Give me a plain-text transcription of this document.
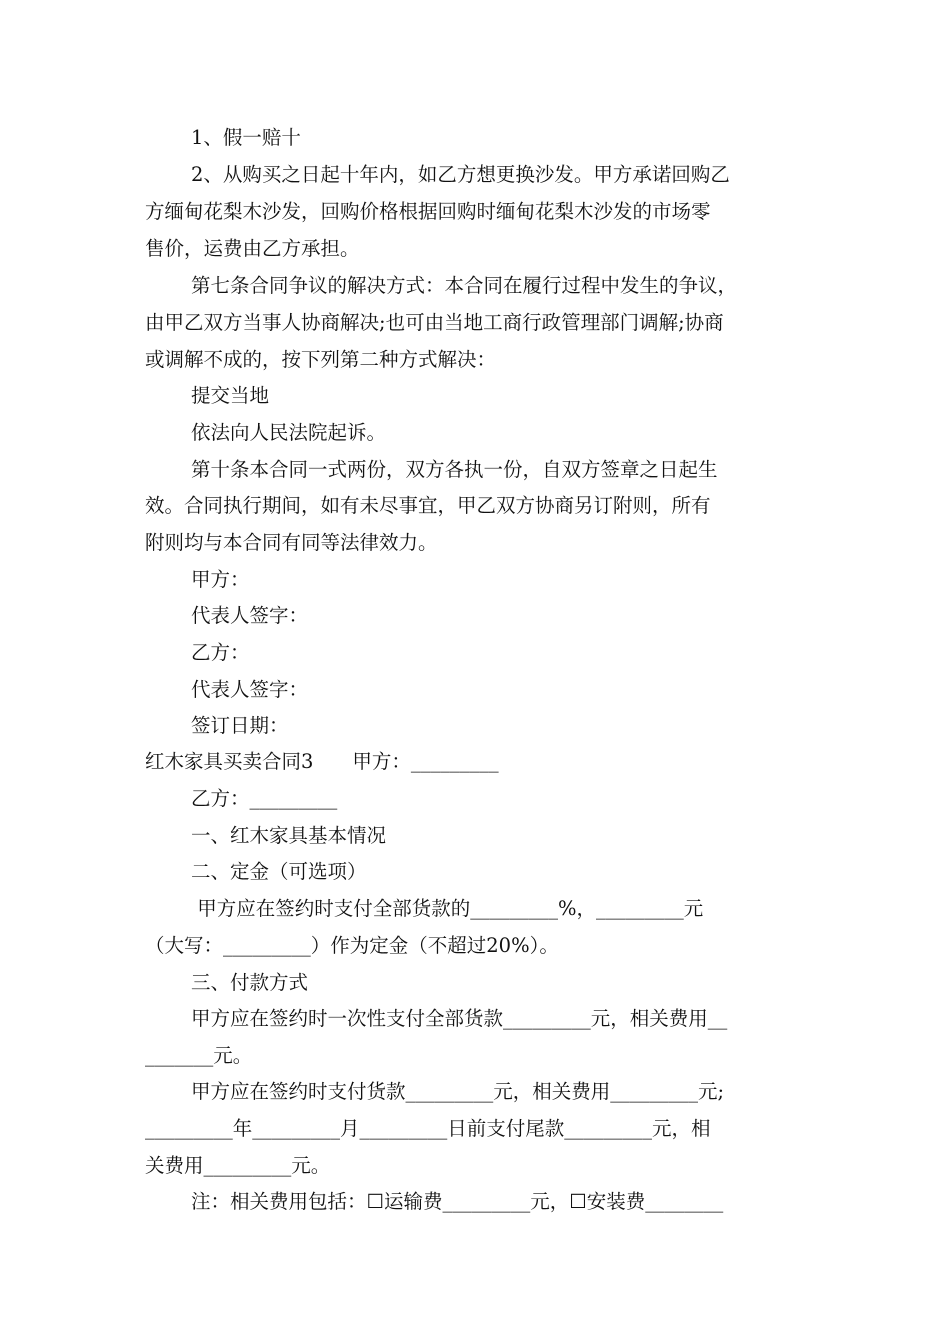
1、假一赔十
2、从购买之日起十年内，如乙方想更换沙发。甲方承诺回购乙
方缅甸花梨木沙发，回购价格根据回购时缅甸花梨木沙发的市场零
售价，运费由乙方承担。
第七条合同争议的解决方式：本合同在履行过程中发生的争议，
由甲乙双方当事人协商解决;也可由当地工商行政管理部门调解;协商
或调解不成的，按下列第二种方式解决：
提交当地
依法向人民法院起诉。
第十条本合同一式两份，双方各执一份，自双方签章之日起生
效。合同执行期间，如有未尽事宜，甲乙双方协商另订附则，所有
附则均与本合同有同等法律效力。
甲方：
代表人签字：
乙方：
代表人签字：
签订日期：
红木家具买卖合同3　　甲方：_________
乙方：_________
一、红木家具基本情况
二、定金（可选项）
甲方应在签约时支付全部货款的_________%，_________元
（大写：_________）作为定金（不超过20%）。
三、付款方式
甲方应在签约时一次性支付全部货款_________元，相关费用__
_______元。
甲方应在签约时支付货款_________元，相关费用_________元;
_________年_________月_________日前支付尾款_________元，相
关费用_________元。
注：相关费用包括：☐运输费_________元，☐安装费________
